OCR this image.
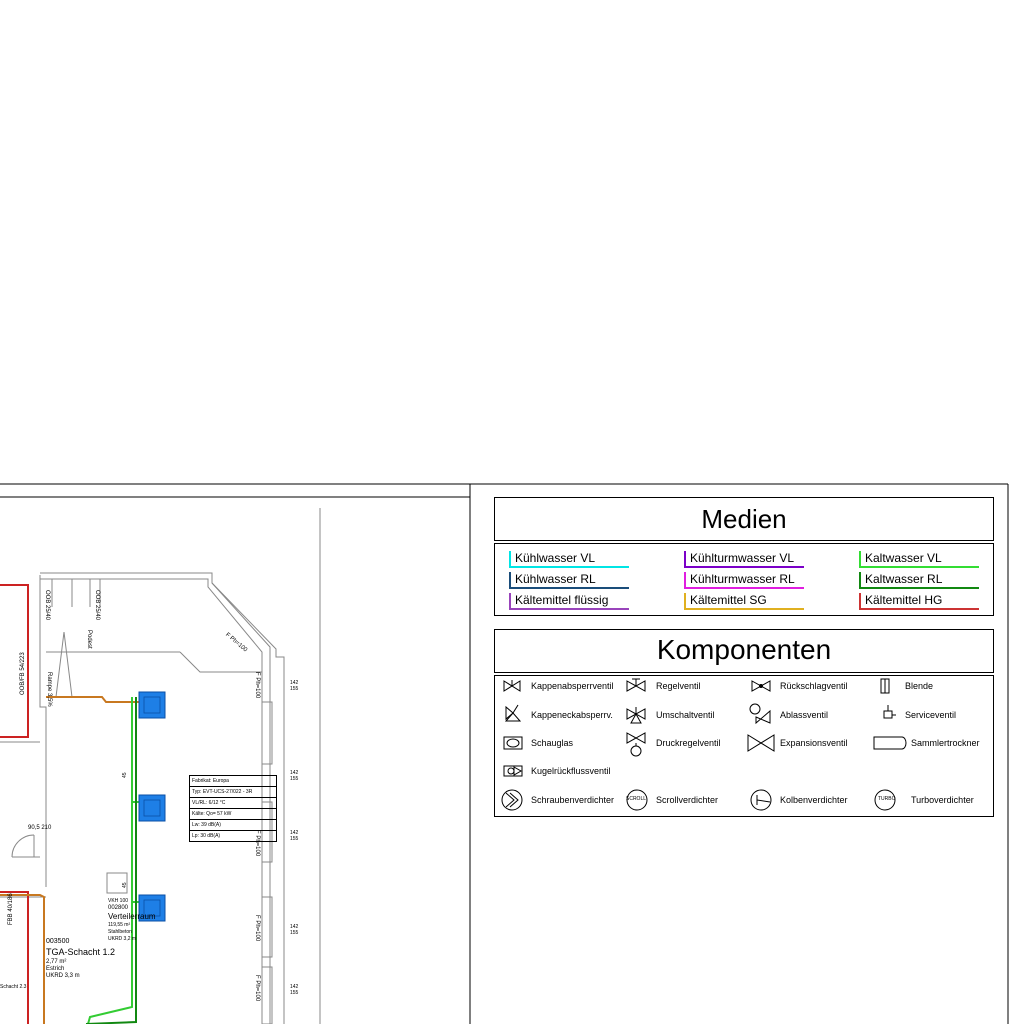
003500
TGA-Schacht 1.2
2,77 m²
Estrich
UKRD 3,3 m
VKH 100
002800
Verteilerraum
119,55 m²
Stahlbeton
UKRD 3,2 m
Fabrikat: Europa
Typ: EVT-UCS-27/022 - 3R
VL/RL: 6/12 °C
Kälte: Qo= 57 kW
Lw: 39 dB(A)
Lp: 30 dB(A)
Rampe 3,5%
Podest
OOB 25/40	OOB 25/40
OOB/FB 54/223
FBB 40/186
Schacht 2.3
90,5 210
F Ph=100
F Ph=100
F Ph=100
F Ph=100
F Ph=100
142 155
142 155
142 155
142 155
142 155
45
45
Medien
Kühlwasser VL	Kühlturmwasser VL	Kaltwasser VL
Kühlwasser RL	Kühlturmwasser RL	Kaltwasser RL
Kältemittel flüssig	Kältemittel SG	Kältemittel HG
Komponenten
SCROLL	TURBO
Kappenabsperrventil	Regelventil	Rückschlagventil	Blende
Kappeneckabsperrv.	Umschaltventil	Ablassventil	Serviceventil
Schauglas	Druckregelventil	Expansionsventil	Sammlertrockner
Kugelrückflussventil
Schraubenverdichter	Scrollverdichter	Kolbenverdichter	Turboverdichter
